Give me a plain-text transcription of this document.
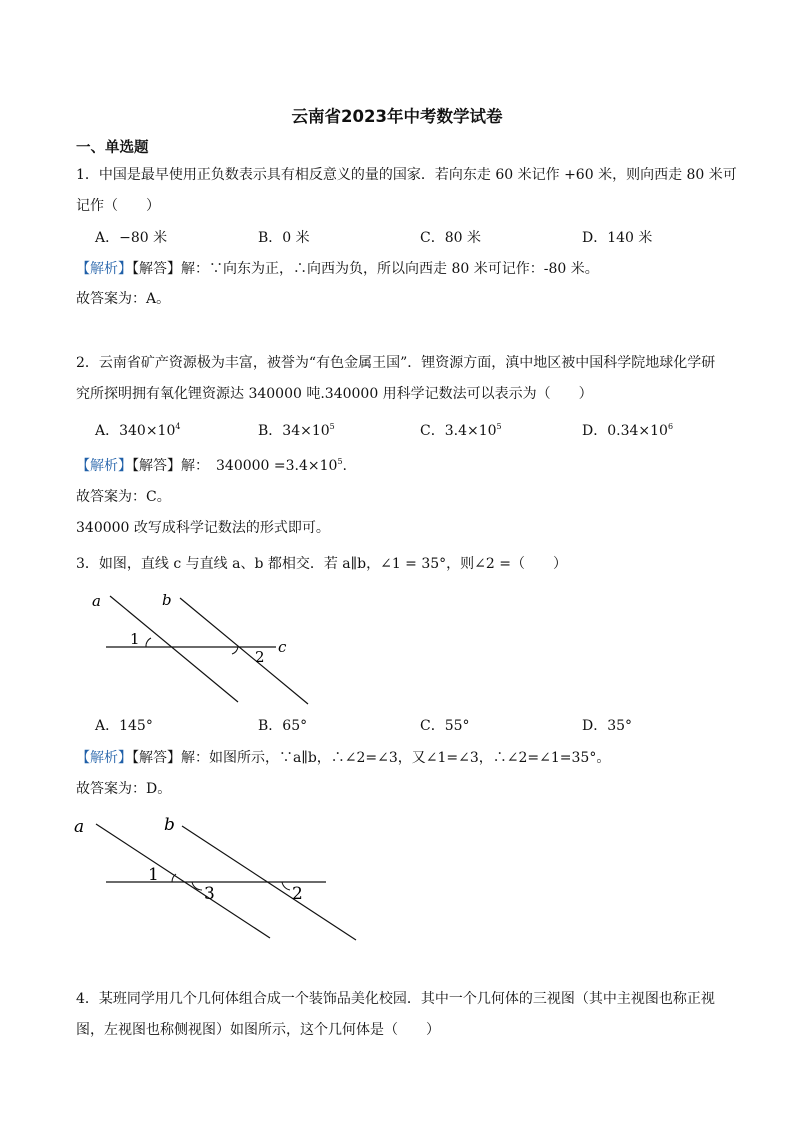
云南省2023年中考数学试卷
一、单选题
1．中国是最早使用正负数表示具有相反意义的量的国家．若向东走 60 米记作 +60 米，则向西走 80 米可
记作（　　）
A．−80 米	B．0 米	C．80 米	D．140 米
【解析】【解答】解：∵向东为正，∴向西为负，所以向西走 80 米可记作：-80 米。
故答案为：A。
2．云南省矿产资源极为丰富，被誉为“有色金属王国”．锂资源方面，滇中地区被中国科学院地球化学研
究所探明拥有氧化锂资源达 340000 吨.340000 用科学记数法可以表示为（　　）
A．$340\times 10^4$	B．$34\times 10^5$	C．$3.4\times 10^5$	D．$0.34\times 10^6$
【解析】【解答】解：　$340000 =3.4\times 10^5$.
故答案为：C。
340000 改写成科学记数法的形式即可。
3．如图，直线 c 与直线 a、b 都相交．若 a∥b，∠1 = 35°，则∠2 =（　　）
a	b
c
1
2
A．145°	B．65°	C．55°	D．35°
【解析】【解答】解：如图所示，∵a∥b，∴∠2=∠3，又∠1=∠3，∴∠2=∠1=35°。
故答案为：D。
a	b
1
3	2
4．某班同学用几个几何体组合成一个装饰品美化校园．其中一个几何体的三视图（其中主视图也称正视
图，左视图也称侧视图）如图所示，这个几何体是（　　）
